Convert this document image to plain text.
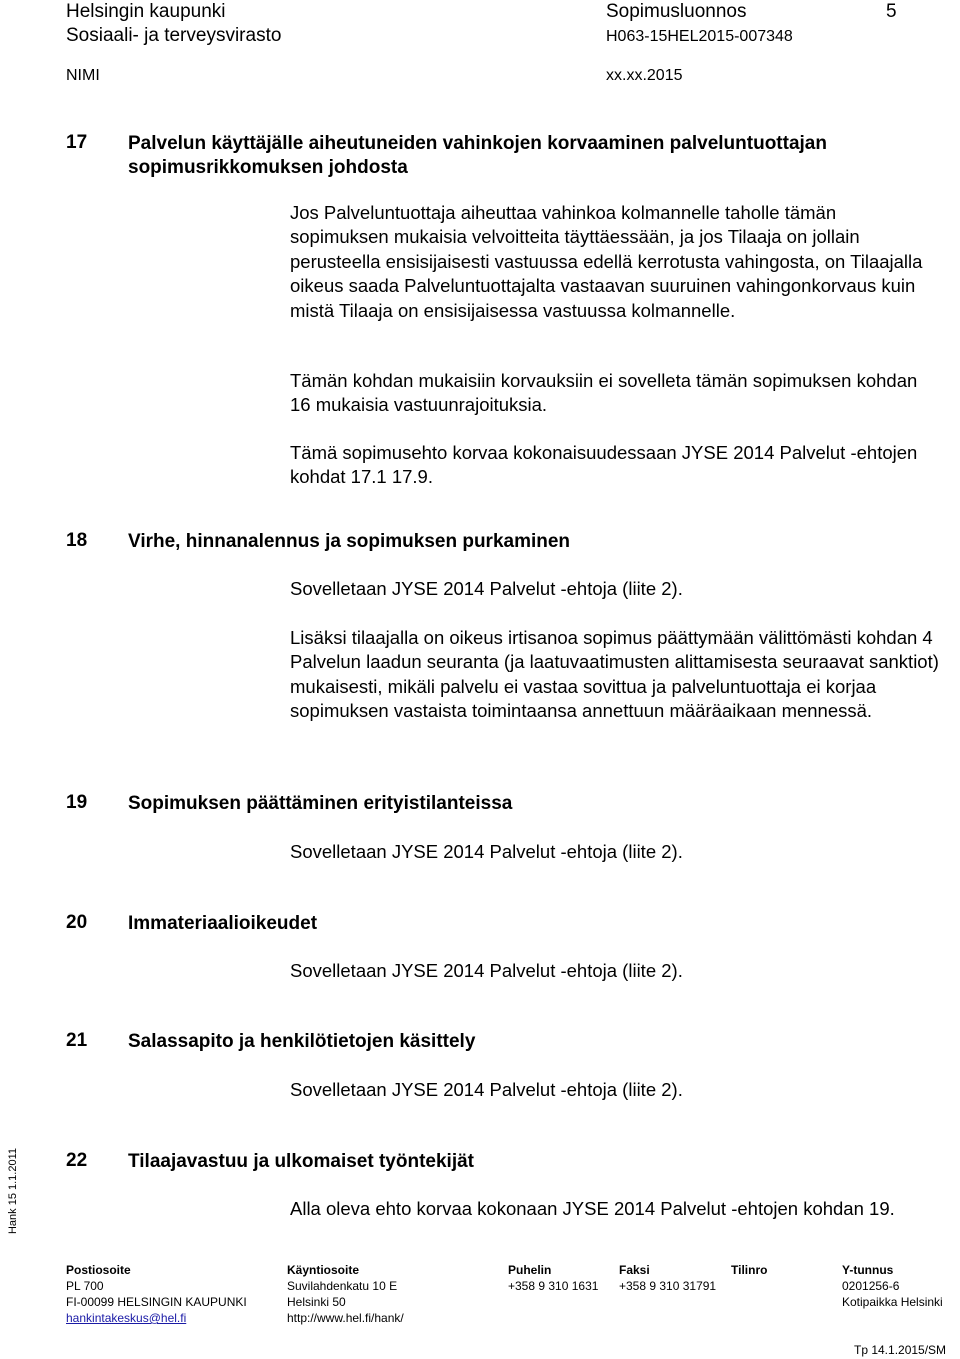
Helsingin kaupunki
Sosiaali- ja terveysvirasto
Sopimusluonnos
H063-15HEL2015-007348
5
NIMI	xx.xx.2015
17 Palvelun käyttäjälle aiheutuneiden vahinkojen korvaaminen palveluntuottajan sopimusrikkomuksen johdosta
Jos Palveluntuottaja aiheuttaa vahinkoa kolmannelle taholle tämän sopimuksen mukaisia velvoitteita täyttäessään, ja jos Tilaaja on jollain perusteella ensisijaisesti vastuussa edellä kerrotusta vahingosta, on Tilaajalla oikeus saada Palveluntuottajalta vastaavan suuruinen vahingonkorvaus kuin mistä Tilaaja on ensisijaisessa vastuussa kolmannelle.
Tämän kohdan mukaisiin korvauksiin ei sovelleta tämän sopimuksen kohdan 16 mukaisia vastuunrajoituksia.
Tämä sopimusehto korvaa kokonaisuudessaan JYSE 2014 Palvelut -ehtojen kohdat 17.1 17.9.
18 Virhe, hinnanalennus ja sopimuksen purkaminen
Sovelletaan JYSE 2014 Palvelut -ehtoja (liite 2).
Lisäksi tilaajalla on oikeus irtisanoa sopimus päättymään välittömästi kohdan 4 Palvelun laadun seuranta (ja laatuvaatimusten alittamisesta seuraavat sanktiot) mukaisesti, mikäli palvelu ei vastaa sovittua ja palveluntuottaja ei korjaa sopimuksen vastaista toimintaansa annettuun määräaikaan mennessä.
19 Sopimuksen päättäminen erityistilanteissa
Sovelletaan JYSE 2014 Palvelut -ehtoja (liite 2).
20 Immateriaalioikeudet
Sovelletaan JYSE 2014 Palvelut -ehtoja (liite 2).
21 Salassapito ja henkilötietojen käsittely
Sovelletaan JYSE 2014 Palvelut -ehtoja (liite 2).
22 Tilaajavastuu ja ulkomaiset työntekijät
Alla oleva ehto korvaa kokonaan JYSE 2014 Palvelut -ehtojen kohdan 19.
Hank 15 1.1.2011
Postiosoite
PL 700
FI-00099 HELSINGIN KAUPUNKI
hankintakeskus@hel.fi
Käyntiosoite
Suvilahdenkatu 10 E
Helsinki 50
http://www.hel.fi/hank/
Puhelin
+358 9 310 1631
Faksi
+358 9 310 31791
Tilinro	Y-tunnus
0201256-6
Kotipaikka Helsinki
Tp 14.1.2015/SM
